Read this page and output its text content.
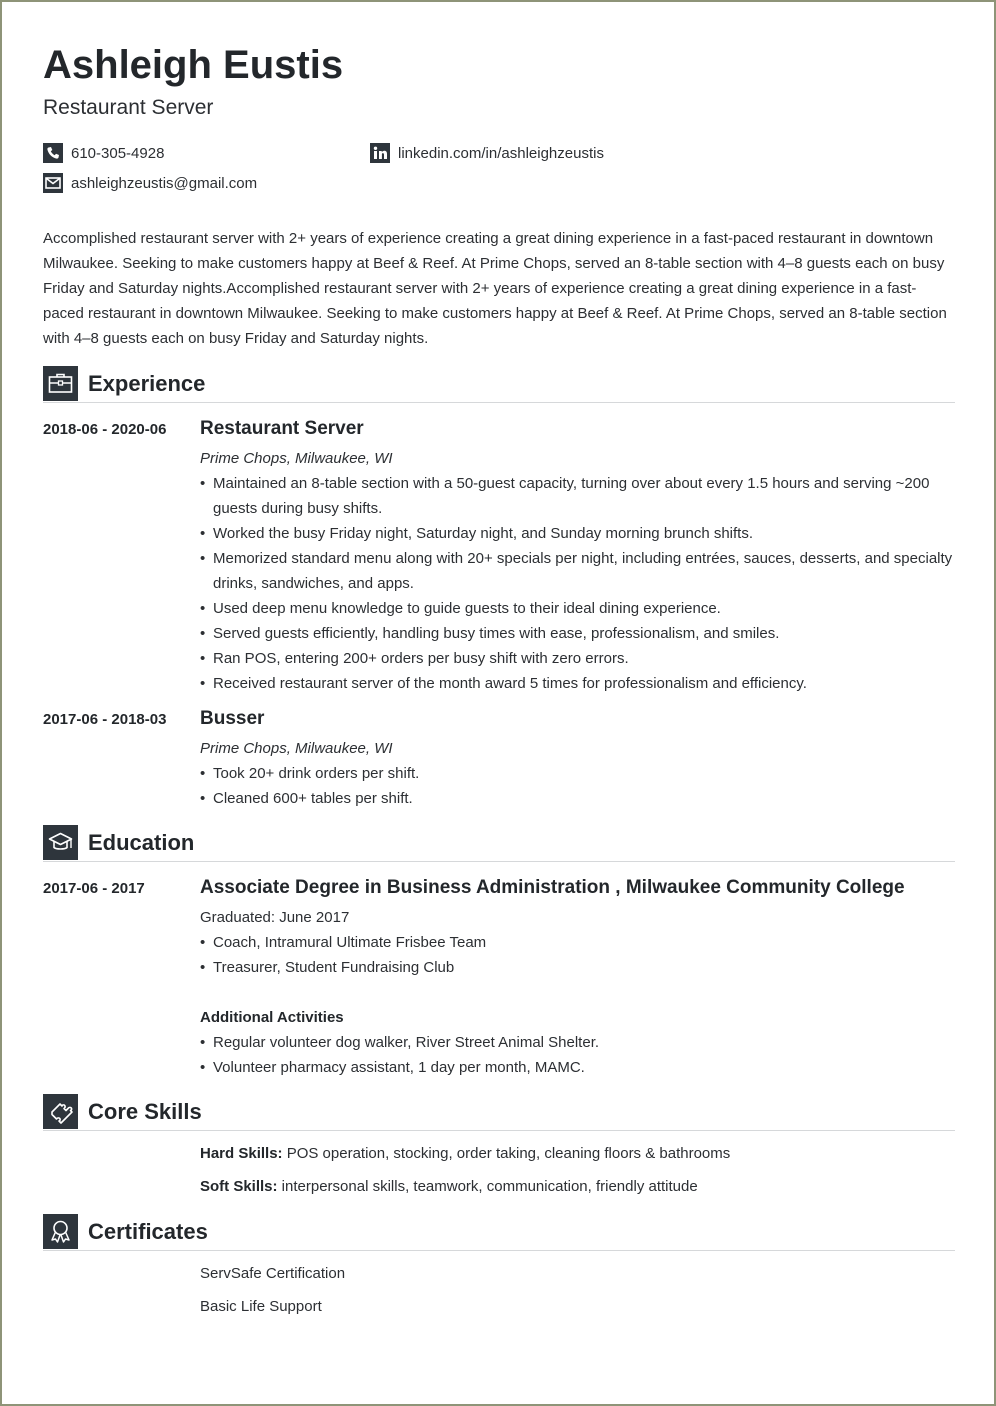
Ashleigh Eustis
Restaurant Server
610-305-4928	linkedin.com/in/ashleighzeustis
ashleighzeustis@gmail.com

Accomplished restaurant server with 2+ years of experience creating a great dining experience in a fast-paced restaurant in downtown Milwaukee. Seeking to make customers happy at Beef & Reef. At Prime Chops, served an 8-table section with 4–8 guests each on busy Friday and Saturday nights.Accomplished restaurant server with 2+ years of experience creating a great dining experience in a fast-paced restaurant in downtown Milwaukee. Seeking to make customers happy at Beef & Reef. At Prime Chops, served an 8-table section with 4–8 guests each on busy Friday and Saturday nights.

Experience
2018-06 - 2020-06 Restaurant Server
Prime Chops, Milwaukee, WI
• Maintained an 8-table section with a 50-guest capacity, turning over about every 1.5 hours and serving ~200 guests during busy shifts.
• Worked the busy Friday night, Saturday night, and Sunday morning brunch shifts.
• Memorized standard menu along with 20+ specials per night, including entrées, sauces, desserts, and specialty drinks, sandwiches, and apps.
• Used deep menu knowledge to guide guests to their ideal dining experience.
• Served guests efficiently, handling busy times with ease, professionalism, and smiles.
• Ran POS, entering 200+ orders per busy shift with zero errors.
• Received restaurant server of the month award 5 times for professionalism and efficiency.
2017-06 - 2018-03 Busser
Prime Chops, Milwaukee, WI
• Took 20+ drink orders per shift.
• Cleaned 600+ tables per shift.
Education
2017-06 - 2017	Associate Degree in Business Administration , Milwaukee Community College
Graduated: June 2017
• Coach, Intramural Ultimate Frisbee Team
• Treasurer, Student Fundraising Club
Additional Activities
• Regular volunteer dog walker, River Street Animal Shelter.
• Volunteer pharmacy assistant, 1 day per month, MAMC.
Core Skills
Hard Skills: POS operation, stocking, order taking, cleaning floors & bathrooms
Soft Skills: interpersonal skills, teamwork, communication, friendly attitude
Certificates
ServSafe Certification
Basic Life Support
